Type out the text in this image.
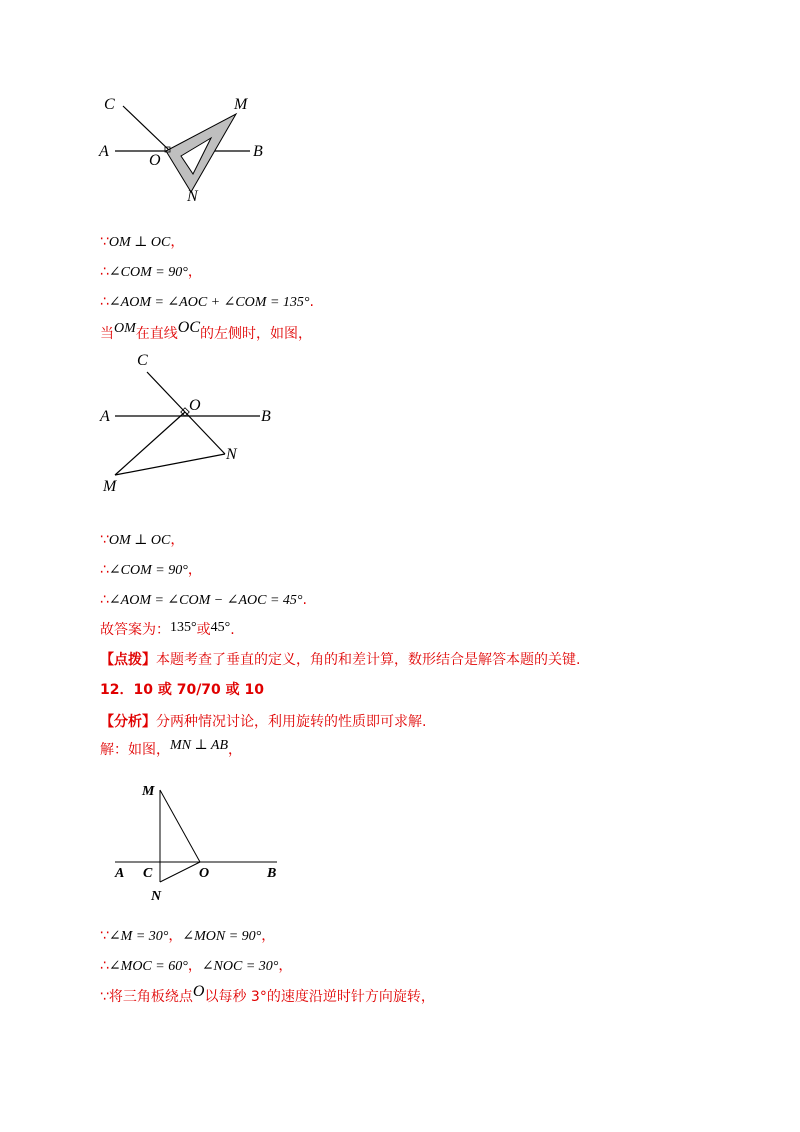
C	M
A
O
B
N
∵OM ⊥ OC，
∴∠COM = 90°，
∴∠AOM = ∠AOC + ∠COM = 135°.
当OM在直线OC的左侧时，如图，
C
O
A	B
N
M
∵OM ⊥ OC，
∴∠COM = 90°，
∴∠AOM = ∠COM − ∠AOC = 45°.
故答案为：135°或45°.
【点拨】本题考查了垂直的定义，角的和差计算，数形结合是解答本题的关键.
12．10 或 70/70 或 10
【分析】分两种情况讨论，利用旋转的性质即可求解.
解：如图，MN ⊥ AB，
M
A C	O	B
N
∵∠M = 30°，∠MON = 90°，
∴∠MOC = 60°，∠NOC = 30°，
∵将三角板绕点O以每秒 3°的速度沿逆时针方向旋转，
